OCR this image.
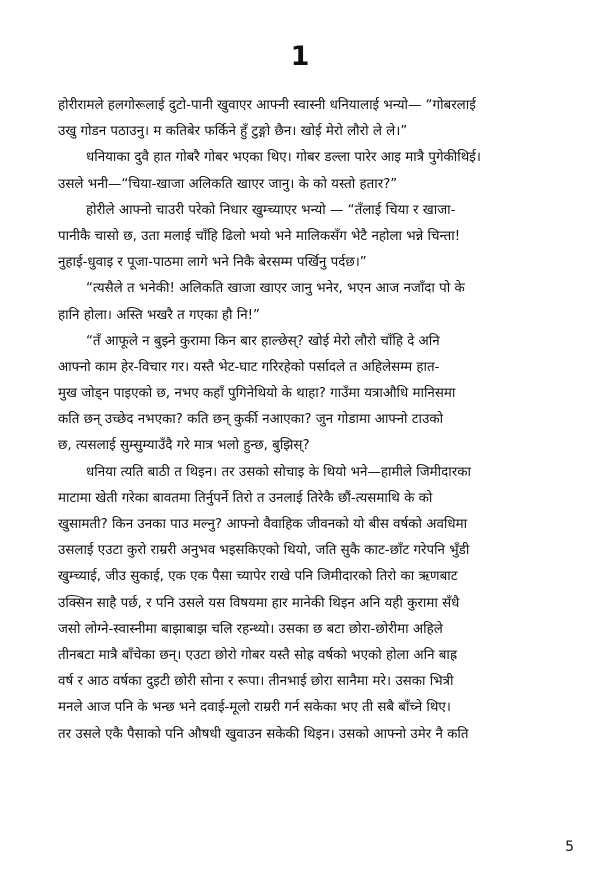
1
होरीरामले हलगोरूलाई दुटो-पानी खुवाएर आफ्नी स्वास्नी धनियालाई भन्यो— “गोबरलाई
उखु गोडन पठाउनु। म कतिबेर फर्किने हुँ टुङ्गो छैन। खोई मेरो लौरो ले ले।”
धनियाका दुवै हात गोबरै गोबर भएका थिए। गोबर डल्ला पारेर आइ मात्रै पुगेकीथिई।
उसले भनी—“चिया-खाजा अलिकति खाएर जानु। के को यस्तो हतार?”
होरीले आफ्नो चाउरी परेको निधार खुम्च्याएर भन्यो — “तँलाई चिया र खाजा-
पानीकै चासो छ, उता मलाई चाँहि ढिलो भयो भने मालिकसँग भेटै नहोला भन्ने चिन्ता!
नुहाई-धुवाइ र पूजा-पाठमा लागे भने निकै बेरसम्म पर्खिनु पर्दछ।”
“त्यसैले त भनेकी! अलिकति खाजा खाएर जानु भनेर, भएन आज नजाँदा पो के
हानि होला। अस्ति भखरै त गएका हौ नि!”
“तँ आफूले न बुझ्ने कुरामा किन बार हाल्छेस्? खोई मेरो लौरो चाँहि दे अनि
आफ्नो काम हेर-विचार गर। यस्तै भेट-घाट गरिरहेको पर्सादले त अहिलेसम्म हात-
मुख जोड्न पाइएको छ, नभए कहाँ पुगिनेथियो के थाहा? गाउँमा यत्राऔधि मानिसमा
कति छन् उच्छेद नभएका? कति छन् कुर्की नआएका? जुन गोडामा आफ्नो टाउको
छ, त्यसलाई सुम्सुम्याउँदै गरे मात्र भलो हुन्छ, बुझिस्?
धनिया त्यति बाठी त थिइन। तर उसको सोचाइ के थियो भने—हामीले जिमीदारका
माटामा खेती गरेका बावतमा तिर्नुपर्ने तिरो त उनलाई तिरेकै छौं-त्यसमाथि के को
खुसामती? किन उनका पाउ मल्नु? आफ्नो वैवाहिक जीवनको यो बीस वर्षको अवधिमा
उसलाई एउटा कुरो राम्ररी अनुभव भइसकिएको थियो, जति सुकै काट-छाँट गरेपनि भुँडी
खुम्च्याई, जीउ सुकाई, एक एक पैसा च्यापेर राखे पनि जिमीदारको तिरो का ऋणबाट
उक्सिन साहै पर्छ, र पनि उसले यस विषयमा हार मानेकी थिइन अनि यही कुरामा सँधै
जसो लोग्ने-स्वास्नीमा बाझाबाझ चलि रहन्थ्यो। उसका छ बटा छोरा-छोरीमा अहिले
तीनबटा मात्रै बाँचेका छन्। एउटा छोरो गोबर यस्तै सोह्र वर्षको भएको होला अनि बाह्र
वर्ष र आठ वर्षका दुइटी छोरी सोना र रूपा। तीनभाई छोरा सानैमा मरे। उसका भित्री
मनले आज पनि के भन्छ भने दवाई-मूलो राम्ररी गर्न सकेका भए ती सबै बाँच्ने थिए।
तर उसले एकै पैसाको पनि औषधी खुवाउन सकेकी थिइन। उसको आफ्नो उमेर नै कति
5
